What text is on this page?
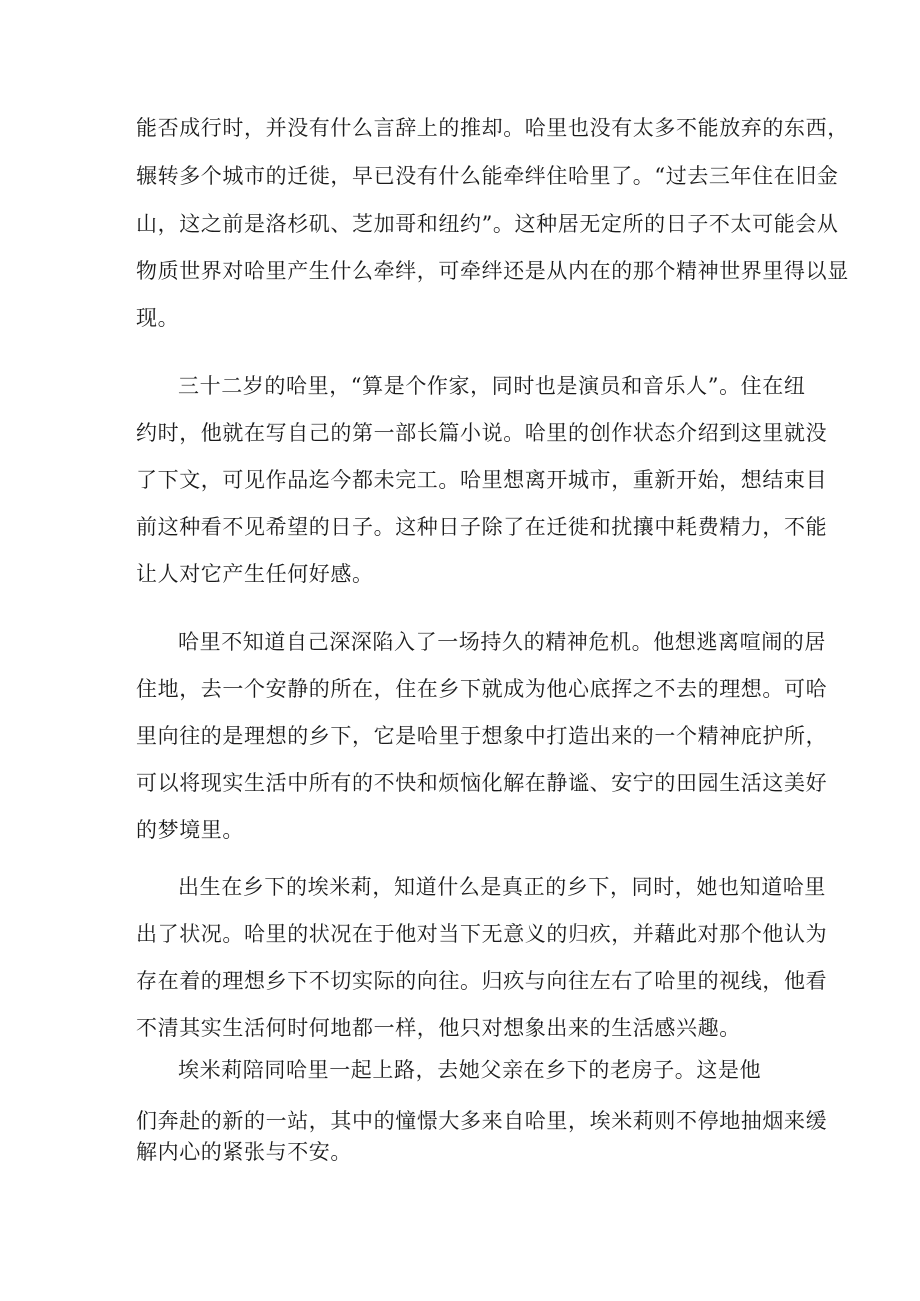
能否成行时，并没有什么言辞上的推却。哈里也没有太多不能放弃的东西，
辗转多个城市的迁徙，早已没有什么能牵绊住哈里了。“过去三年住在旧金
山，这之前是洛杉矶、芝加哥和纽约”。这种居无定所的日子不太可能会从
物质世界对哈里产生什么牵绊，可牵绊还是从内在的那个精神世界里得以显
现。
三十二岁的哈里，“算是个作家，同时也是演员和音乐人”。住在纽
约时，他就在写自己的第一部长篇小说。哈里的创作状态介绍到这里就没
了下文，可见作品迄今都未完工。哈里想离开城市，重新开始，想结束目
前这种看不见希望的日子。这种日子除了在迁徙和扰攘中耗费精力，不能
让人对它产生任何好感。
哈里不知道自己深深陷入了一场持久的精神危机。他想逃离喧闹的居
住地，去一个安静的所在，住在乡下就成为他心底挥之不去的理想。可哈
里向往的是理想的乡下，它是哈里于想象中打造出来的一个精神庇护所，
可以将现实生活中所有的不快和烦恼化解在静谧、安宁的田园生活这美好
的梦境里。
出生在乡下的埃米莉，知道什么是真正的乡下，同时，她也知道哈里
出了状况。哈里的状况在于他对当下无意义的归疚，并藉此对那个他认为
存在着的理想乡下不切实际的向往。归疚与向往左右了哈里的视线，他看
不清其实生活何时何地都一样，他只对想象出来的生活感兴趣。
埃米莉陪同哈里一起上路，去她父亲在乡下的老房子。这是他
们奔赴的新的一站，其中的憧憬大多来自哈里，埃米莉则不停地抽烟来缓
解内心的紧张与不安。
